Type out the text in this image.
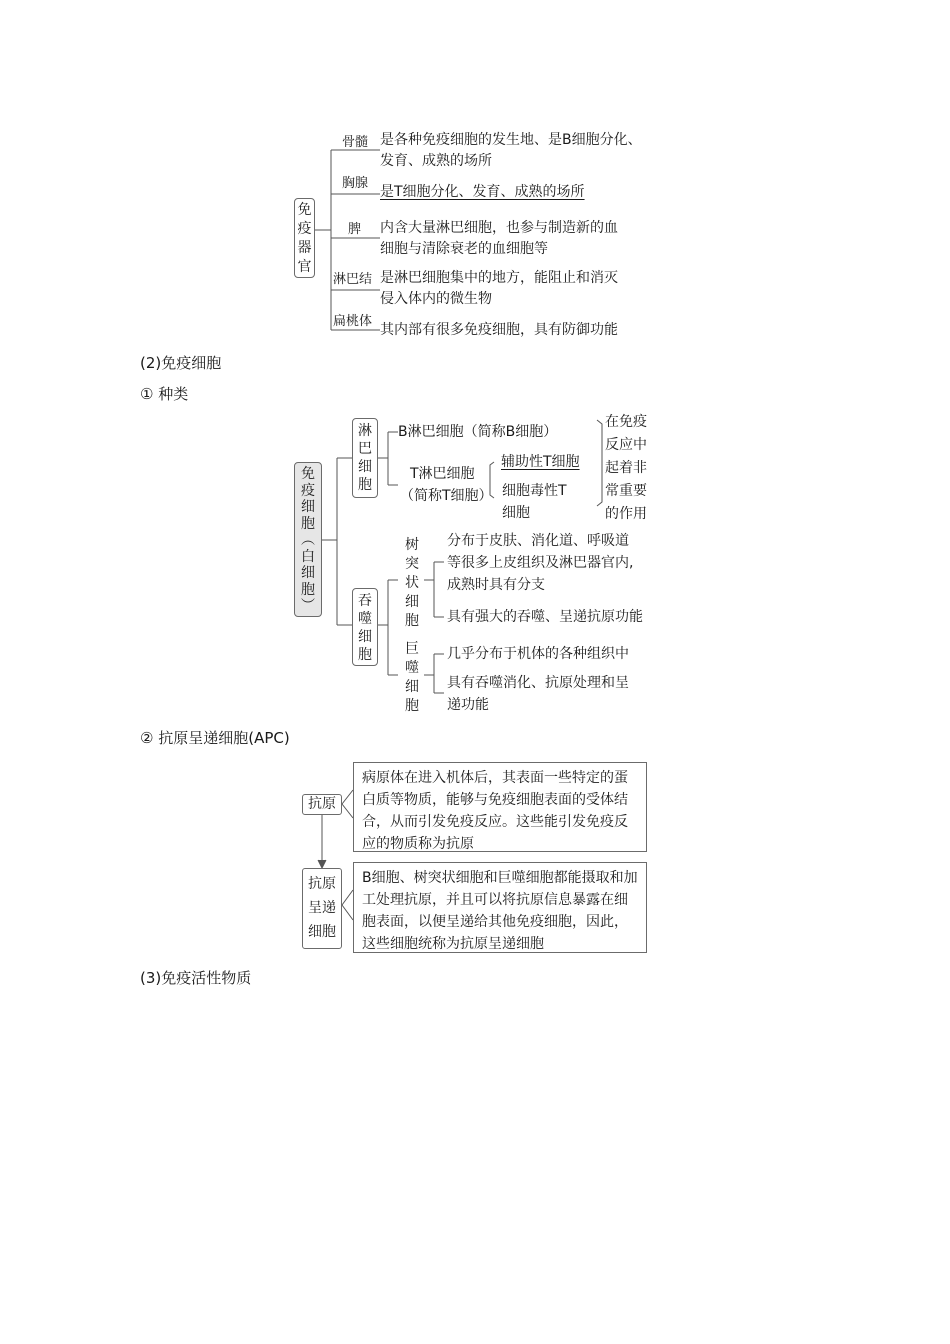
免
疫
器
官
骨髓 是各种免疫细胞的发生地、是B细胞分化、
发育、成熟的场所
胸腺
是T细胞分化、发育、成熟的场所
脾 内含大量淋巴细胞，也参与制造新的血
细胞与清除衰老的血细胞等
淋巴结 是淋巴细胞集中的地方，能阻止和消灭
侵入体内的微生物
扁桃体
其内部有很多免疫细胞，具有防御功能
(2)免疫细胞
① 种类
免
疫
细
胞
︵
白
细
胞
︶
淋
巴
细
胞
B淋巴细胞（简称B细胞）
T淋巴细胞
（简称T细胞）
辅助性T细胞
细胞毒性T
细胞
在免疫
反应中
起着非
常重要
的作用
吞
噬
细
胞
树
突
状
细
胞
分布于皮肤、消化道、呼吸道
等很多上皮组织及淋巴器官内,
成熟时具有分支
具有强大的吞噬、呈递抗原功能
巨
噬
细
胞
几乎分布于机体的各种组织中
具有吞噬消化、抗原处理和呈
递功能
② 抗原呈递细胞(APC)
抗原
病原体在进入机体后，其表面一些特定的蛋白质等物质，能够与免疫细胞表面的受体结合，从而引发免疫反应。这些能引发免疫反应的物质称为抗原
抗原
呈递
细胞
B细胞、树突状细胞和巨噬细胞都能摄取和加工处理抗原，并且可以将抗原信息暴露在细胞表面，以便呈递给其他免疫细胞，因此，这些细胞统称为抗原呈递细胞
(3)免疫活性物质
